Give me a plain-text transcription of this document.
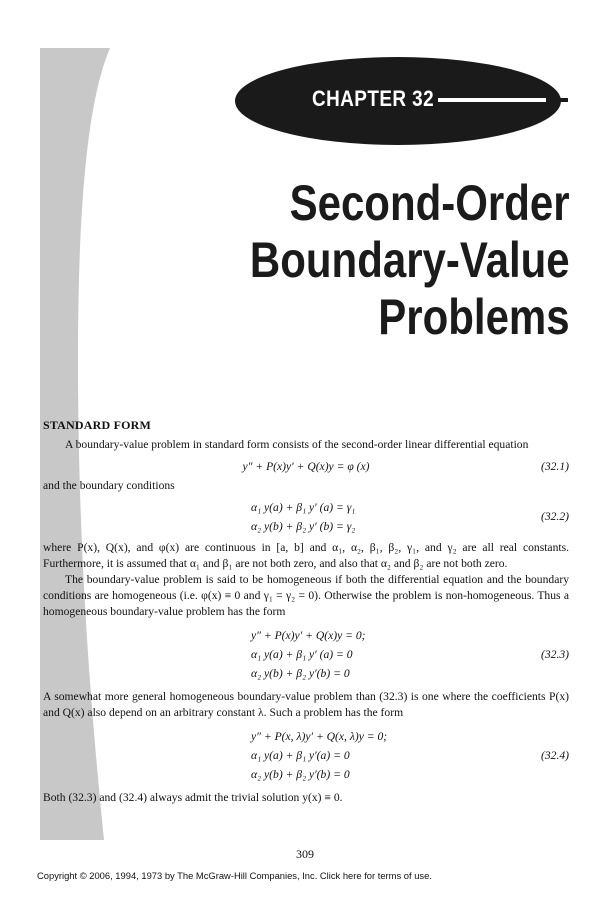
CHAPTER 32
Second-Order
Boundary-Value
Problems
STANDARD FORM

A boundary-value problem in standard form consists of the second-order linear differential equation

y″ + P(x)y′ + Q(x)y = φ (x)	(32.1)

and the boundary conditions

α₁ y(a) + β₁ y′ (a) = γ₁
α₂ y(b) + β₂ y′ (b) = γ₂
(32.2)

where P(x), Q(x), and φ(x) are continuous in [a, b] and α₁, α₂, β₁, β₂, γ₁, and γ₂ are all real constants. Furthermore, it is assumed that α₁ and β₁ are not both zero, and also that α₂ and β₂ are not both zero.

The boundary-value problem is said to be homogeneous if both the differential equation and the boundary conditions are homogeneous (i.e. φ(x) ≡ 0 and γ₁ = γ₂ = 0). Otherwise the problem is non-homogeneous. Thus a homogeneous boundary-value problem has the form

y″ + P(x)y′ + Q(x)y = 0;
α₁ y(a) + β₁ y′ (a) = 0
α₂ y(b) + β₂ y′(b) = 0
(32.3)

A somewhat more general homogeneous boundary-value problem than (32.3) is one where the coefficients P(x) and Q(x) also depend on an arbitrary constant λ. Such a problem has the form

y″ + P(x, λ)y′ + Q(x, λ)y = 0;
α₁ y(a) + β₁ y′(a) = 0
α₂ y(b) + β₂ y′(b) = 0
(32.4)

Both (32.3) and (32.4) always admit the trivial solution y(x) ≡ 0.

309
Copyright © 2006, 1994, 1973 by The McGraw-Hill Companies, Inc. Click here for terms of use.
